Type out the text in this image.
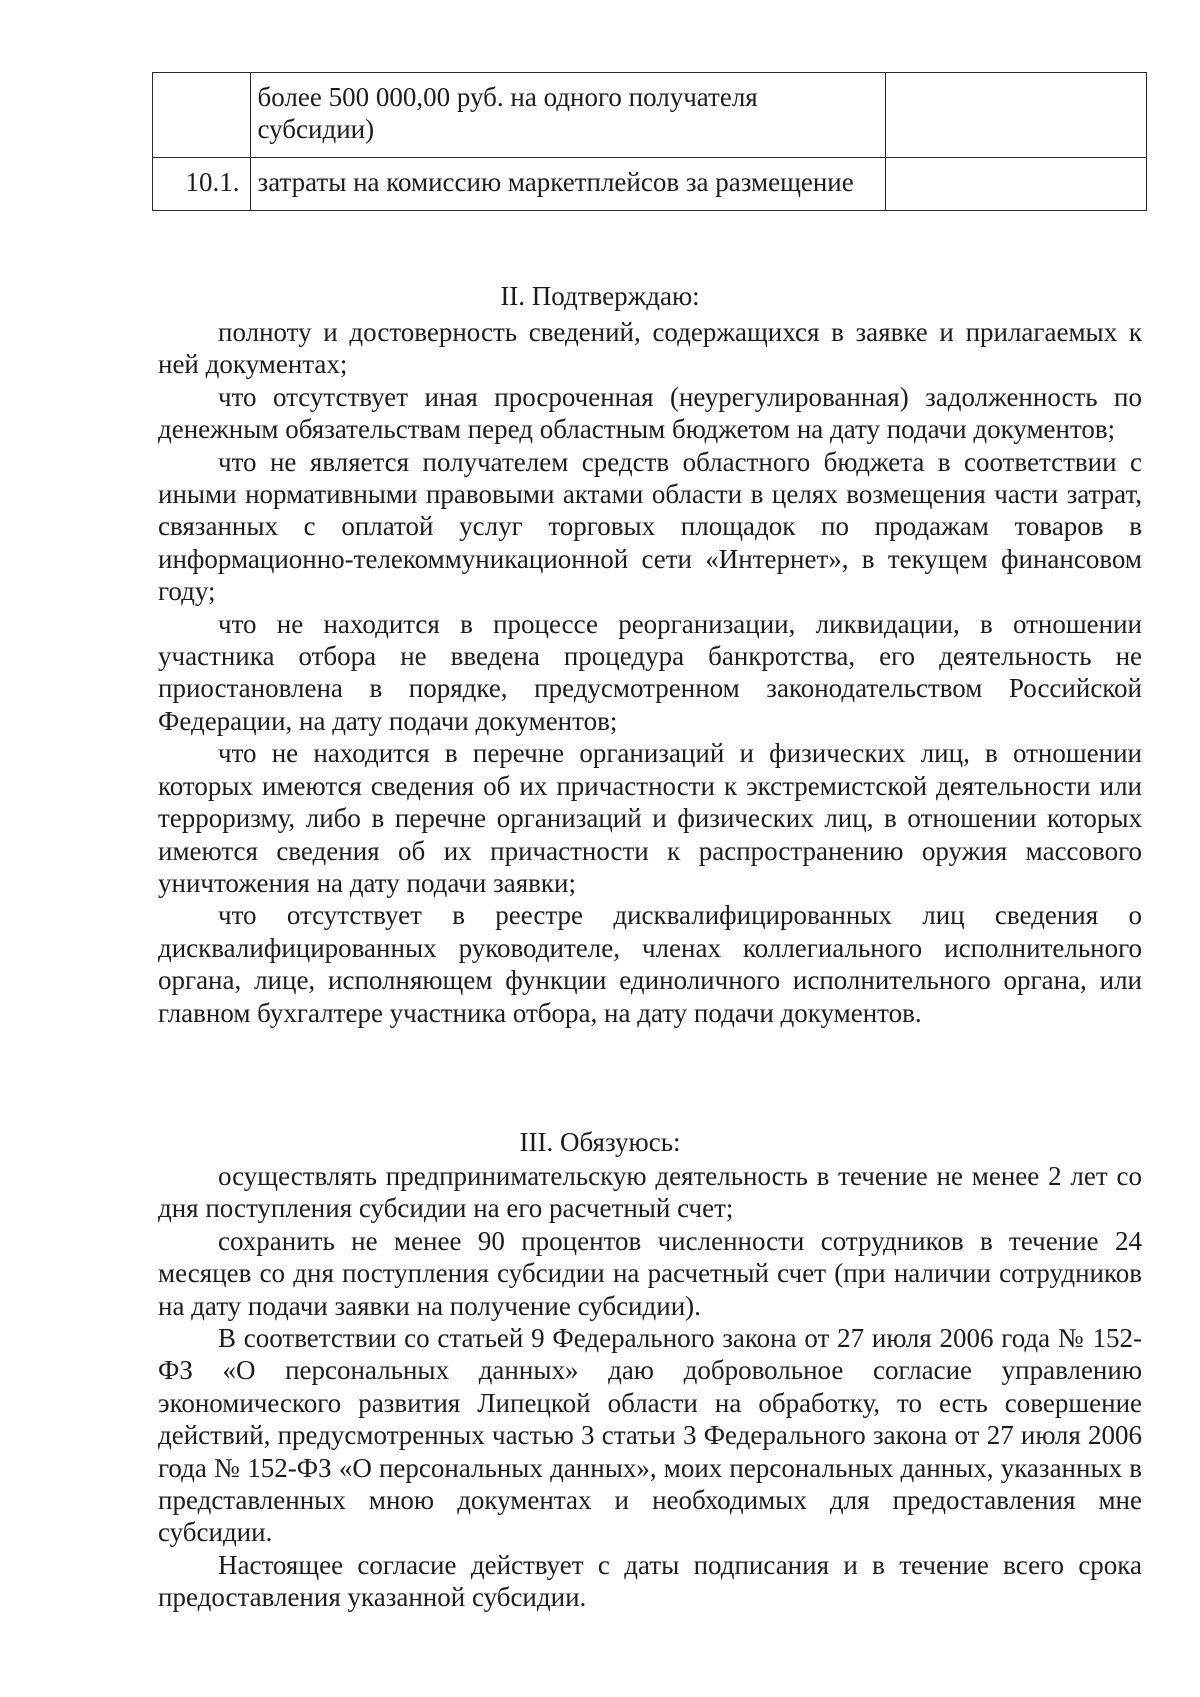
	более 500 000,00 руб. на одного получателя субсидии)	
10.1.	затраты на комиссию маркетплейсов за размещение	
II. Подтверждаю:

полноту и достоверность сведений, содержащихся в заявке и прилагаемых к ней документах;

что отсутствует иная просроченная (неурегулированная) задолженность по денежным обязательствам перед областным бюджетом на дату подачи документов;

что не является получателем средств областного бюджета в соответствии с иными нормативными правовыми актами области в целях возмещения части затрат, связанных с оплатой услуг торговых площадок по продажам товаров в информационно-телекоммуникационной сети «Интернет», в текущем финансовом году;

что не находится в процессе реорганизации, ликвидации, в отношении участника отбора не введена процедура банкротства, его деятельность не приостановлена в порядке, предусмотренном законодательством Российской Федерации, на дату подачи документов;

что не находится в перечне организаций и физических лиц, в отношении которых имеются сведения об их причастности к экстремистской деятельности или терроризму, либо в перечне организаций и физических лиц, в отношении которых имеются сведения об их причастности к распространению оружия массового уничтожения на дату подачи заявки;

что отсутствует в реестре дисквалифицированных лиц сведения о дисквалифицированных руководителе, членах коллегиального исполнительного органа, лице, исполняющем функции единоличного исполнительного органа, или главном бухгалтере участника отбора, на дату подачи документов.

III. Обязуюсь:

осуществлять предпринимательскую деятельность в течение не менее 2 лет со дня поступления субсидии на его расчетный счет;

сохранить не менее 90 процентов численности сотрудников в течение 24 месяцев со дня поступления субсидии на расчетный счет (при наличии сотрудников на дату подачи заявки на получение субсидии).

В соответствии со статьей 9 Федерального закона от 27 июля 2006 года № 152-ФЗ «О персональных данных» даю добровольное согласие управлению экономического развития Липецкой области на обработку, то есть совершение действий, предусмотренных частью 3 статьи 3 Федерального закона от 27 июля 2006 года № 152-ФЗ «О персональных данных», моих персональных данных, указанных в представленных мною документах и необходимых для предоставления мне субсидии.

Настоящее согласие действует с даты подписания и в течение всего срока предоставления указанной субсидии.
